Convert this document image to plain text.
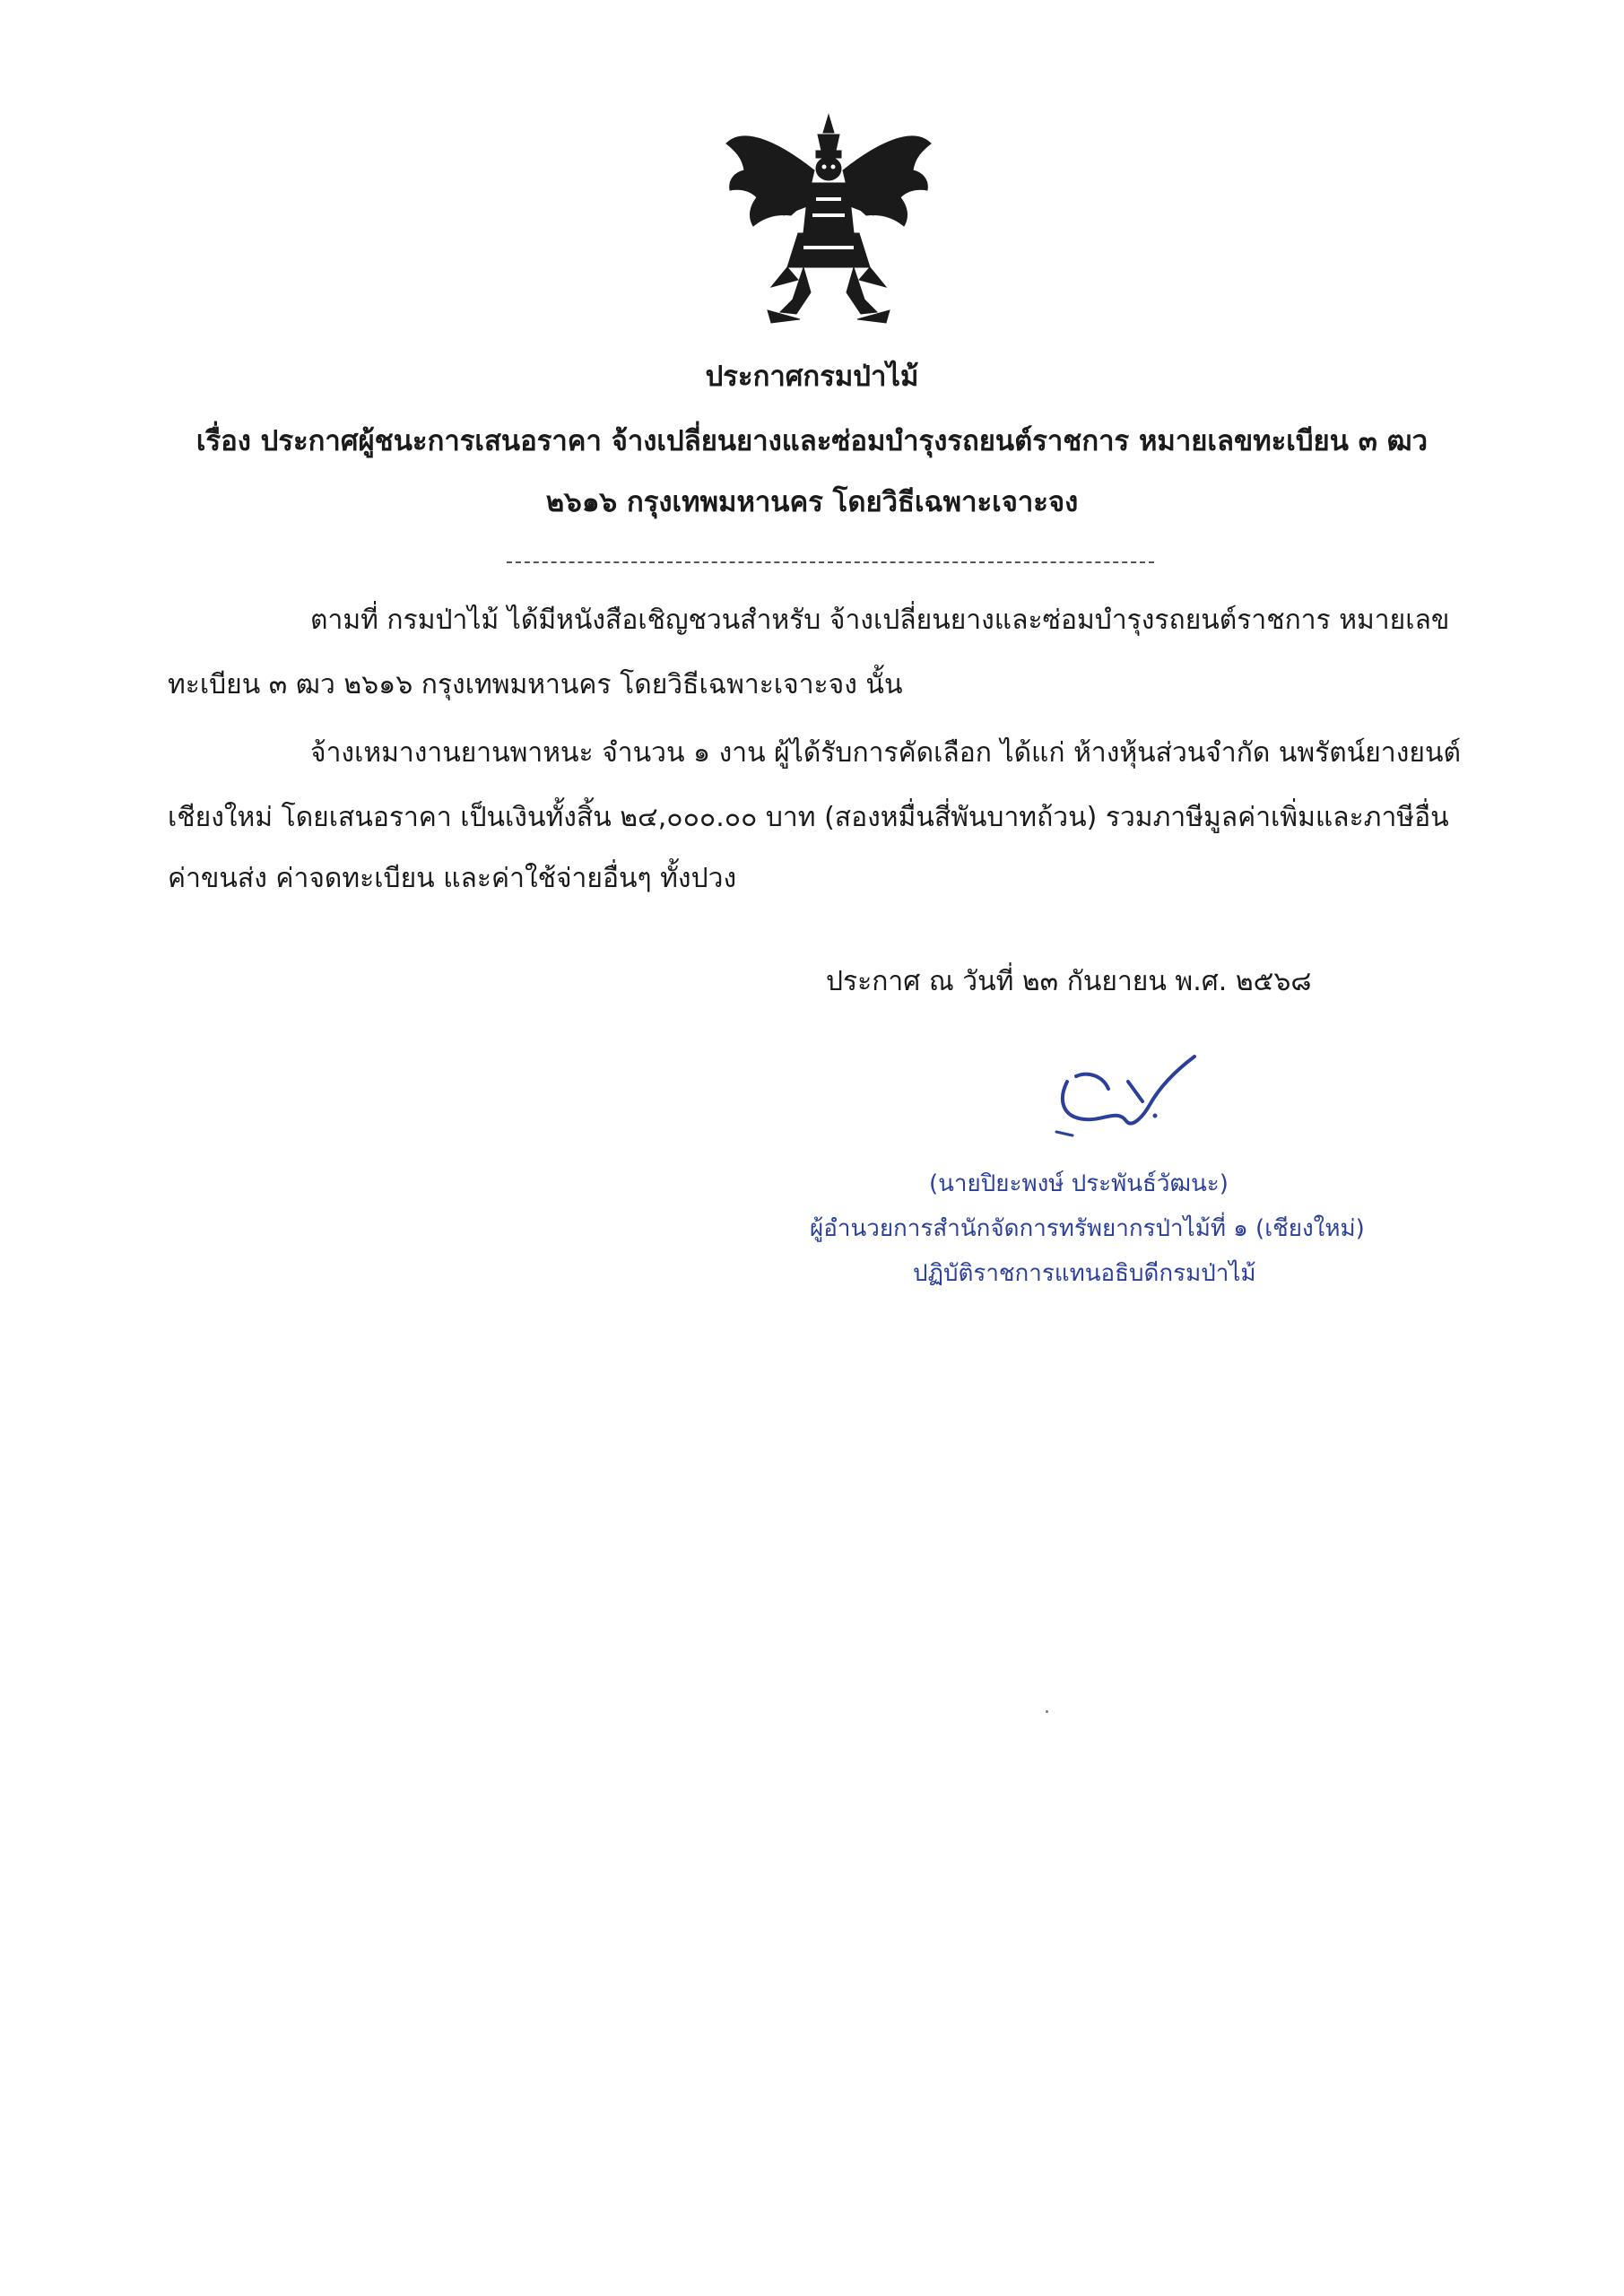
ประกาศกรมป่าไม้
เรื่อง ประกาศผู้ชนะการเสนอราคา จ้างเปลี่ยนยางและซ่อมบำรุงรถยนต์ราชการ หมายเลขทะเบียน ๓ ฒว
๒๖๑๖ กรุงเทพมหานคร โดยวิธีเฉพาะเจาะจง
ตามที่ กรมป่าไม้ ได้มีหนังสือเชิญชวนสำหรับ จ้างเปลี่ยนยางและซ่อมบำรุงรถยนต์ราชการ หมายเลข
ทะเบียน ๓ ฒว ๒๖๑๖ กรุงเทพมหานคร โดยวิธีเฉพาะเจาะจง นั้น
จ้างเหมางานยานพาหนะ จำนวน ๑ งาน ผู้ได้รับการคัดเลือก ได้แก่ ห้างหุ้นส่วนจำกัด นพรัตน์ยางยนต์
เชียงใหม่ โดยเสนอราคา เป็นเงินทั้งสิ้น ๒๔,๐๐๐.๐๐ บาท (สองหมื่นสี่พันบาทถ้วน) รวมภาษีมูลค่าเพิ่มและภาษีอื่น
ค่าขนส่ง ค่าจดทะเบียน และค่าใช้จ่ายอื่นๆ ทั้งปวง
ประกาศ ณ วันที่ ๒๓ กันยายน พ.ศ. ๒๕๖๘
(นายปิยะพงษ์ ประพันธ์วัฒนะ)
ผู้อำนวยการสำนักจัดการทรัพยากรป่าไม้ที่ ๑ (เชียงใหม่)
ปฏิบัติราชการแทนอธิบดีกรมป่าไม้
